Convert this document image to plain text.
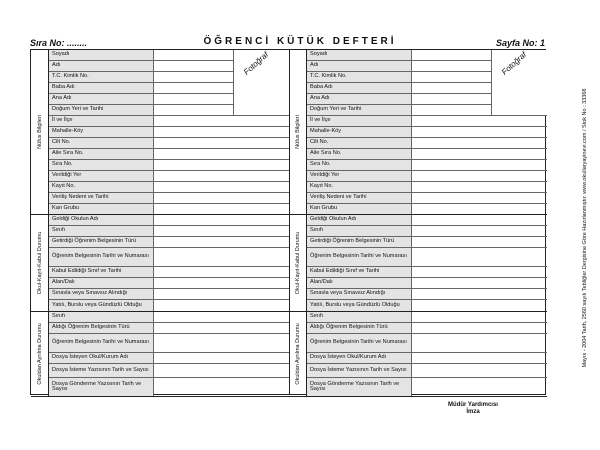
Sıra No: ........	ÖĞRENCİ KÜTÜK DEFTERİ	Sayfa No: 1
Soyadı
Adı
T.C. Kimlik No.
Baba Adı
Ana Adı
Doğum Yeri ve Tarihi
İl ve İlçe
Mahalle-Köy
Cilt No.
Aile Sıra No.
Sıra No.
Verildiği Yer
Kayıt No.
Veriliş Nedeni ve Tarihi
Kan Grubu
Nüfus Bilgileri
Fotoğraf
Geldiği Okulun Adı
Sınıfı
Getirdiği Öğrenim Belgesinin Türü
Öğrenim Belgesinin Tarihi ve Numarası
Kabul Edildiği Sınıf ve Tarihi
Alan/Dalı
Sınavla veya Sınavsız Alındığı
Yatılı, Burslu veya Gündüzlü Olduğu
Okul-Kayıt-Kabul Durumu
Sınıfı
Aldığı Öğrenim Belgesinin Türü
Öğrenim Belgesinin Tarihi ve Numarası
Dosya İsteyen Okul/Kurum Adı
Dosya İsteme Yazısının Tarih ve Sayısı
Dosya Gönderme Yazısının Tarih ve Sayısı
Okuldan Ayrılma Durumu
Soyadı
Adı
T.C. Kimlik No.
Baba Adı
Ana Adı
Doğum Yeri ve Tarihi
İl ve İlçe
Mahalle-Köy
Cilt No.
Aile Sıra No.
Sıra No.
Verildiği Yer
Kayıt No.
Veriliş Nedeni ve Tarihi
Kan Grubu
Nüfus Bilgileri
Fotoğraf
Geldiği Okulun Adı
Sınıfı
Getirdiği Öğrenim Belgesinin Türü
Öğrenim Belgesinin Tarihi ve Numarası
Kabul Edildiği Sınıf ve Tarihi
Alan/Dalı
Sınavla veya Sınavsız Alındığı
Yatılı, Burslu veya Gündüzlü Olduğu
Okul-Kayıt-Kabul Durumu
Sınıfı
Aldığı Öğrenim Belgesinin Türü
Öğrenim Belgesinin Tarihi ve Numarası
Dosya İsteyen Okul/Kurum Adı
Dosya İsteme Yazısının Tarih ve Sayısı
Dosya Gönderme Yazısının Tarih ve Sayısı
Okuldan Ayrılma Durumu	Mayıs - 2004 Tarih, 2560 sayılı Tebliğler Dergisine Göre Hazırlanmıştır. www.okullaryayinevi.com / Stok No : 33368
Müdür Yardımcısı
İmza
